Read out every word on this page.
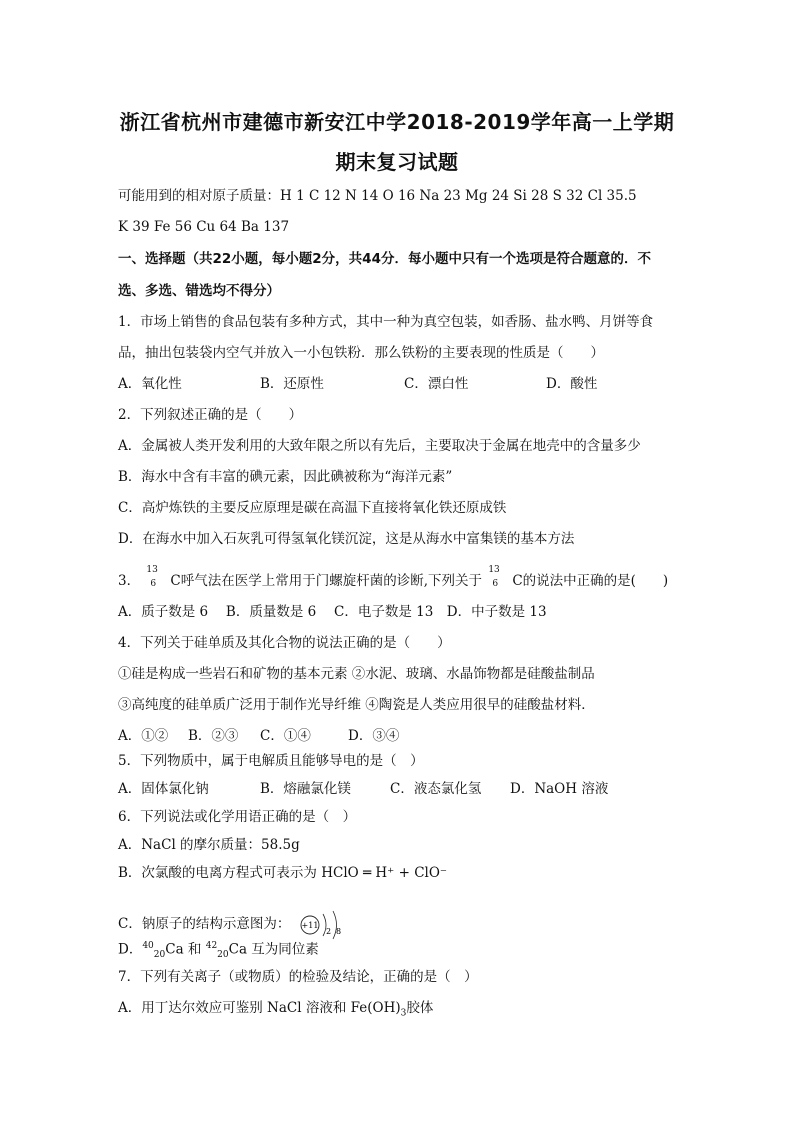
浙江省杭州市建德市新安江中学2018-2019学年高一上学期
期末复习试题
可能用到的相对原子质量：H 1 C 12 N 14 O 16 Na 23 Mg 24 Si 28 S 32 Cl 35.5
K 39 Fe 56 Cu 64 Ba 137
一、选择题（共22小题，每小题2分，共44分．每小题中只有一个选项是符合题意的．不
选、多选、错选均不得分）
1．市场上销售的食品包装有多种方式，其中一种为真空包装，如香肠、盐水鸭、月饼等食
品，抽出包装袋内空气并放入一小包铁粉．那么铁粉的主要表现的性质是（　　）
A．氧化性	B．还原性	C．漂白性	D．酸性
2．下列叙述正确的是（　　）
A．金属被人类开发利用的大致年限之所以有先后，主要取决于金属在地壳中的含量多少
B．海水中含有丰富的碘元素，因此碘被称为“海洋元素”
C．高炉炼铁的主要反应原理是碳在高温下直接将氧化铁还原成铁
D．在海水中加入石灰乳可得氢氧化镁沉淀，这是从海水中富集镁的基本方法
3．
13
6 C呼气法在医学上常用于门螺旋杆菌的诊断,下列关于
13
6 C的说法中正确的是(　　)
A．质子数是 6　 B．质量数是 6　 C．电子数是 13　D．中子数是 13
4．下列关于硅单质及其化合物的说法正确的是（　　）
①硅是构成一些岩石和矿物的基本元素 ②水泥、玻璃、水晶饰物都是硅酸盐制品
③高纯度的硅单质广泛用于制作光导纤维 ④陶瓷是人类应用很早的硅酸盐材料．
A．①② B．②③ C．①④	D．③④
5．下列物质中，属于电解质且能够导电的是（　）
A．固体氯化钠	B．熔融氯化镁	C．液态氯化氢 D．NaOH 溶液
6．下列说法或化学用语正确的是（　）
A．NaCl 的摩尔质量：58.5g
B．次氯酸的电离方程式可表示为 HClO ═ H⁺ + ClO⁻
C．钠原子的结构示意图为： +11
2 8
D．$^{40}_{20}$Ca 和 $^{42}_{20}$Ca 互为同位素
7．下列有关离子（或物质）的检验及结论，正确的是（　）
A．用丁达尔效应可鉴别 NaCl 溶液和 $Fe(OH)_3$胶体
